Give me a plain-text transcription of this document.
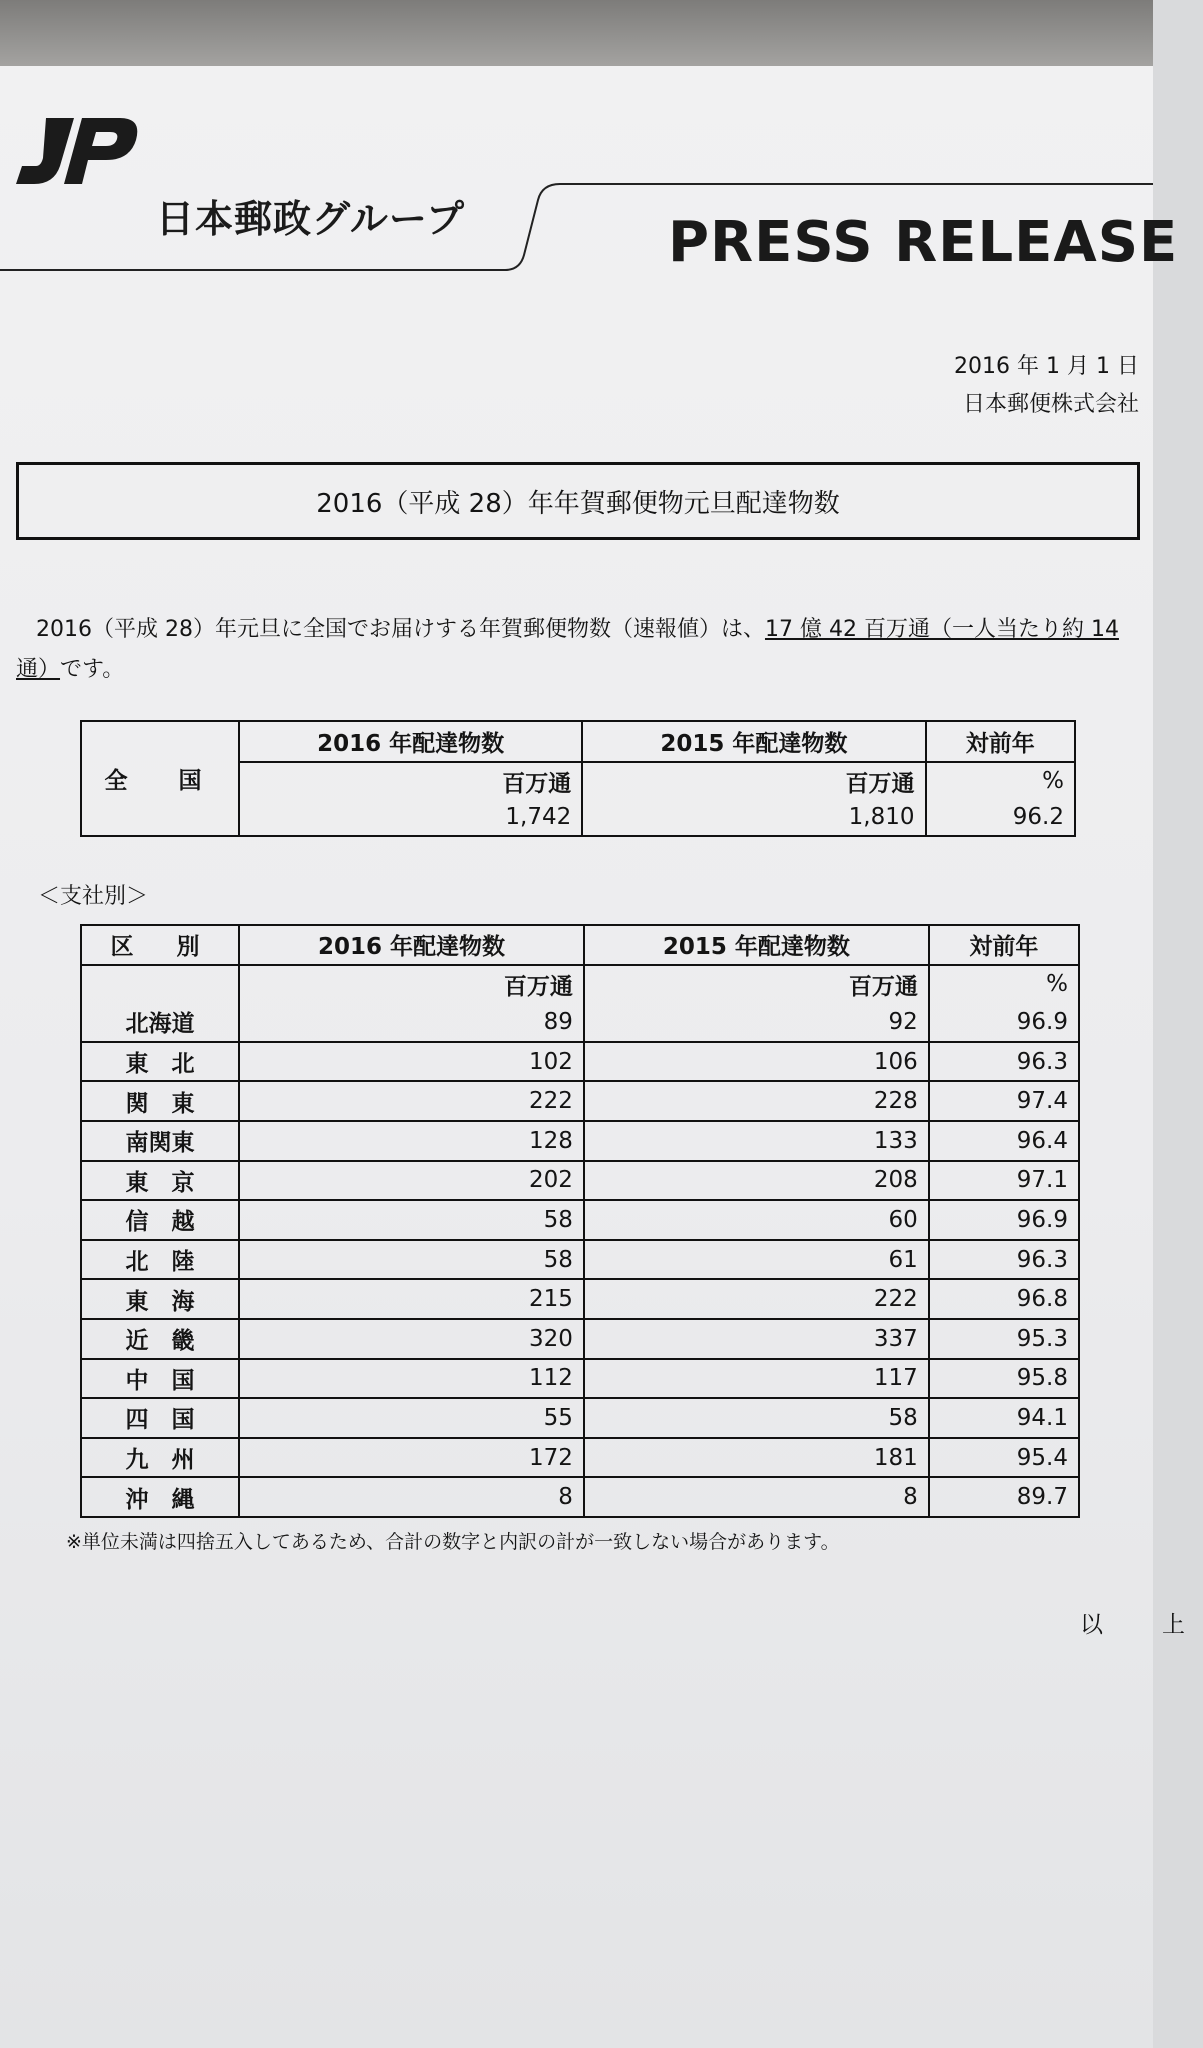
日本郵政グループ	PRESS RELEASE
2016 年 1 月 1 日
日本郵便株式会社
2016（平成 28）年年賀郵便物元旦配達物数
2016（平成 28）年元旦に全国でお届けする年賀郵便物数（速報値）は、17 億 42 百万通（一人当たり約 14 通）です。
全　国	2016 年配達物数	2015 年配達物数	対前年
	百万通	百万通	%
	1,742	1,810	96.2
＜支社別＞
区　別	2016 年配達物数	2015 年配達物数	対前年
	百万通	百万通	%
北海道	89	92	96.9
東　北	102	106	96.3
関　東	222	228	97.4
南関東	128	133	96.4
東　京	202	208	97.1
信　越	58	60	96.9
北　陸	58	61	96.3
東　海	215	222	96.8
近　畿	320	337	95.3
中　国	112	117	95.8
四　国	55	58	94.1
九　州	172	181	95.4
沖　縄	8	8	89.7
※単位未満は四捨五入してあるため、合計の数字と内訳の計が一致しない場合があります。
以　上
